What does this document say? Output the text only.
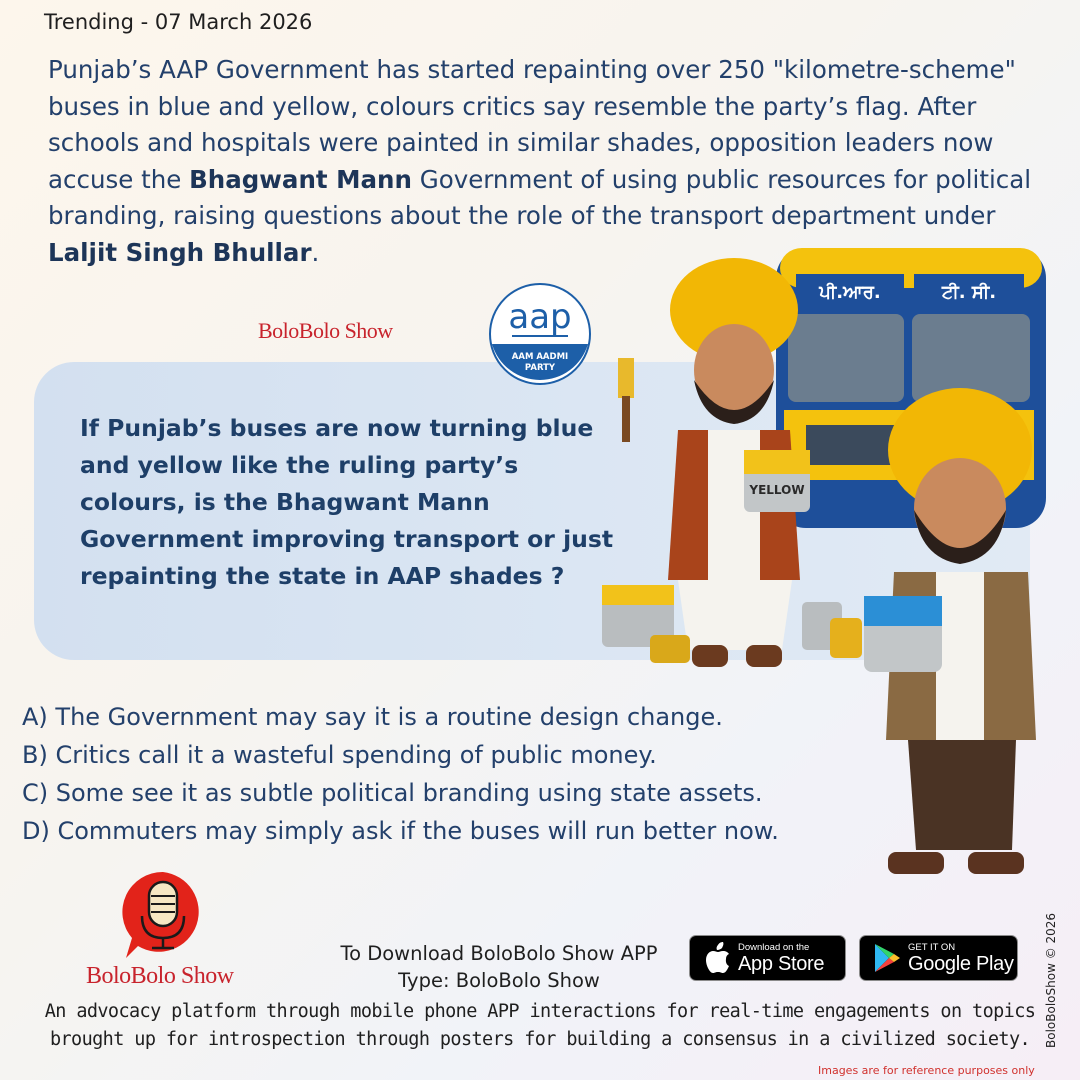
Trending - 07 March 2026

Punjab’s AAP Government has started repainting over 250 "kilometre-scheme" buses in blue and yellow, colours critics say resemble the party’s flag. After schools and hospitals were painted in similar shades, opposition leaders now accuse the Bhagwant Mann Government of using public resources for political branding, raising questions about the role of the transport department under Laljit Singh Bhullar.

BoloBolo Show	aap
AAM AADMI
PARTY

If Punjab’s buses are now turning blue and yellow like the ruling party’s colours, is the Bhagwant Mann Government improving transport or just repainting the state in AAP shades ?

ਪੀ.ਆਰ.	ਟੀ. ਸੀ.
YELLOW
A) The Government may say it is a routine design change.
B) Critics call it a wasteful spending of public money.
C) Some see it as subtle political branding using state assets.
D) Commuters may simply ask if the buses will run better now.
BoloBolo Show
To Download BoloBolo Show APP
Type: BoloBolo Show
Download on the
App Store
GET IT ON
Google Play

An advocacy platform through mobile phone APP interactions for real-time engagements on topics brought up for introspection through posters for building a consensus in a civilized society.	BoloBoloShow © 2026
Images are for reference purposes only
